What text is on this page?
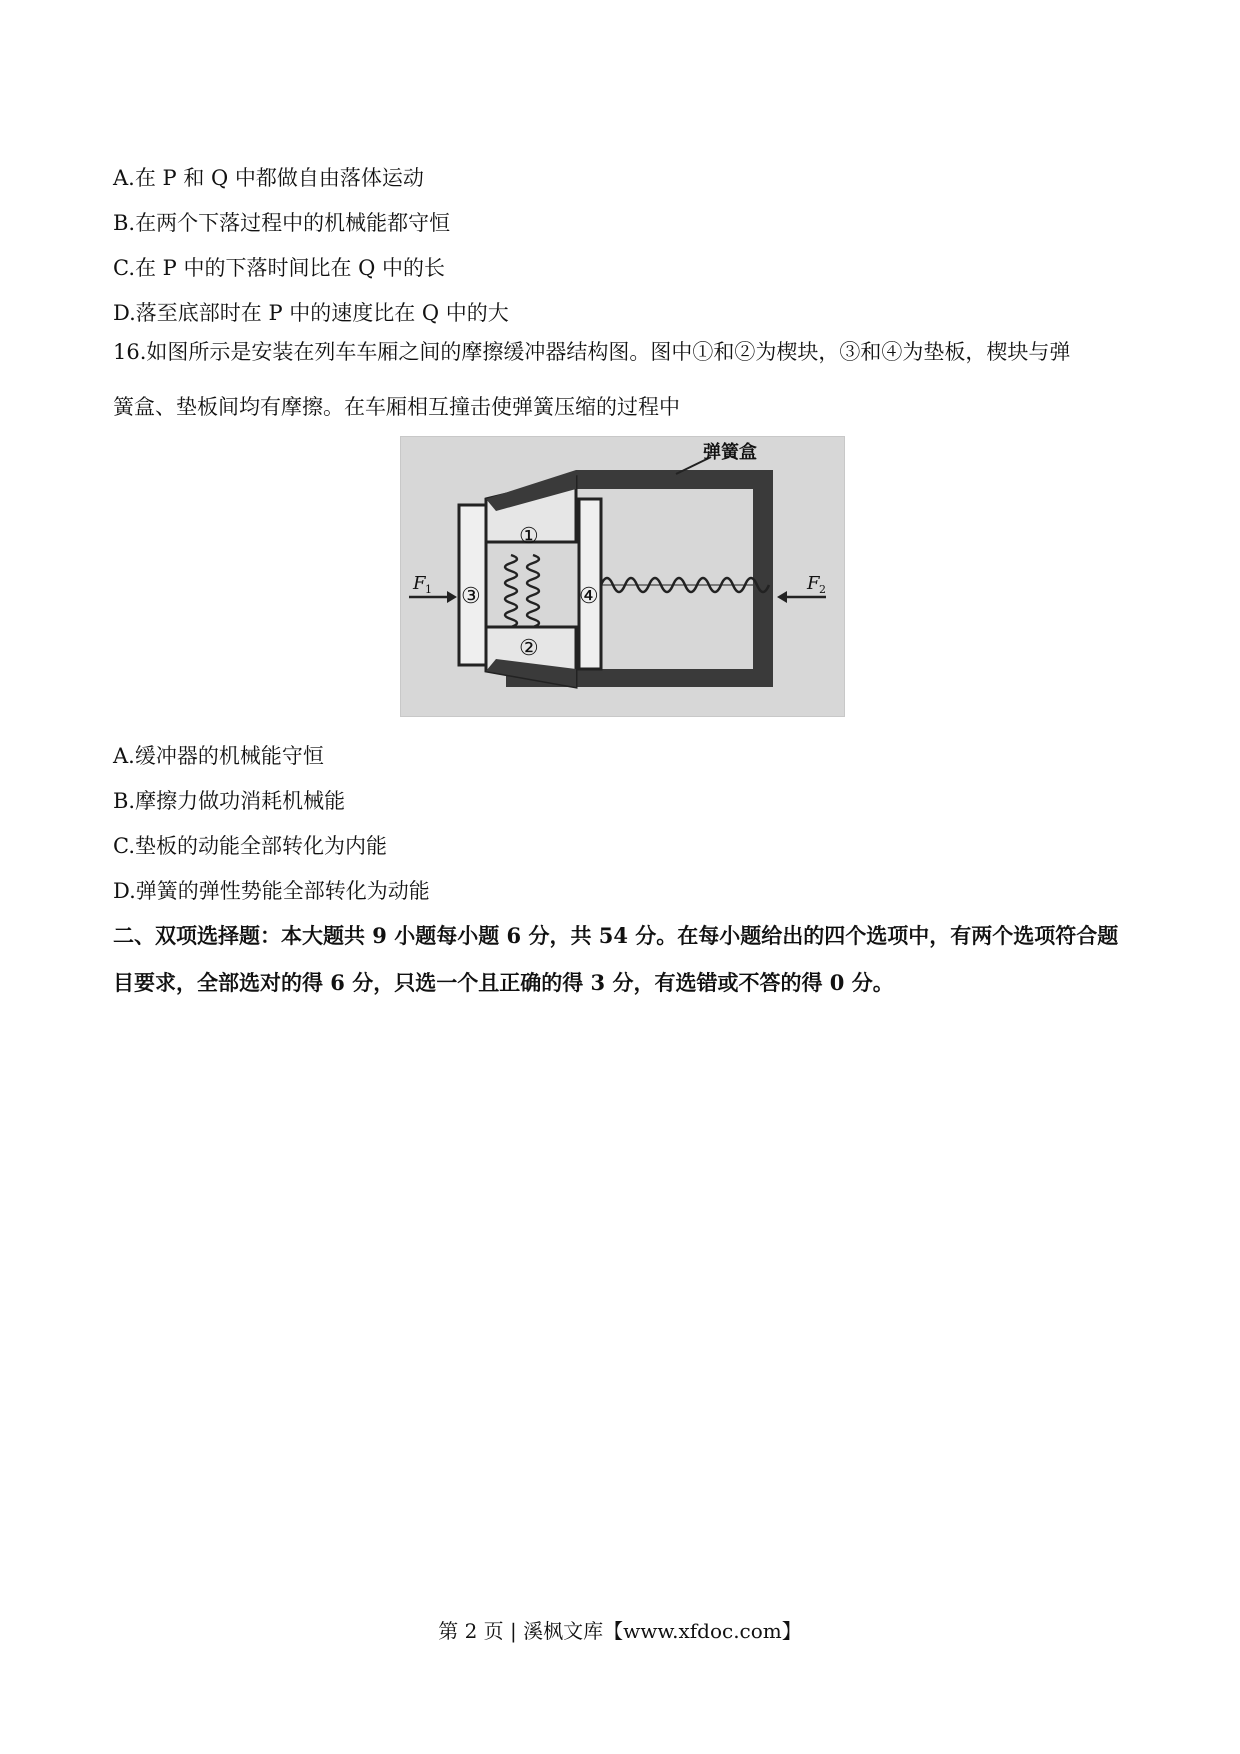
A.在 P 和 Q 中都做自由落体运动
B.在两个下落过程中的机械能都守恒
C.在 P 中的下落时间比在 Q 中的长
D.落至底部时在 P 中的速度比在 Q 中的大
16.如图所示是安装在列车车厢之间的摩擦缓冲器结构图。图中①和②为楔块，③和④为垫板，楔块与弹
簧盒、垫板间均有摩擦。在车厢相互撞击使弹簧压缩的过程中
弹簧盒
F 1	F 2
①
②
③	④
A.缓冲器的机械能守恒
B.摩擦力做功消耗机械能
C.垫板的动能全部转化为内能
D.弹簧的弹性势能全部转化为动能
二、双项选择题：本大题共 9 小题每小题 6 分，共 54 分。在每小题给出的四个选项中，有两个选项符合题
目要求，全部选对的得 6 分，只选一个且正确的得 3 分，有选错或不答的得 0 分。
第 2 页 | 溪枫文库【www.xfdoc.com】
